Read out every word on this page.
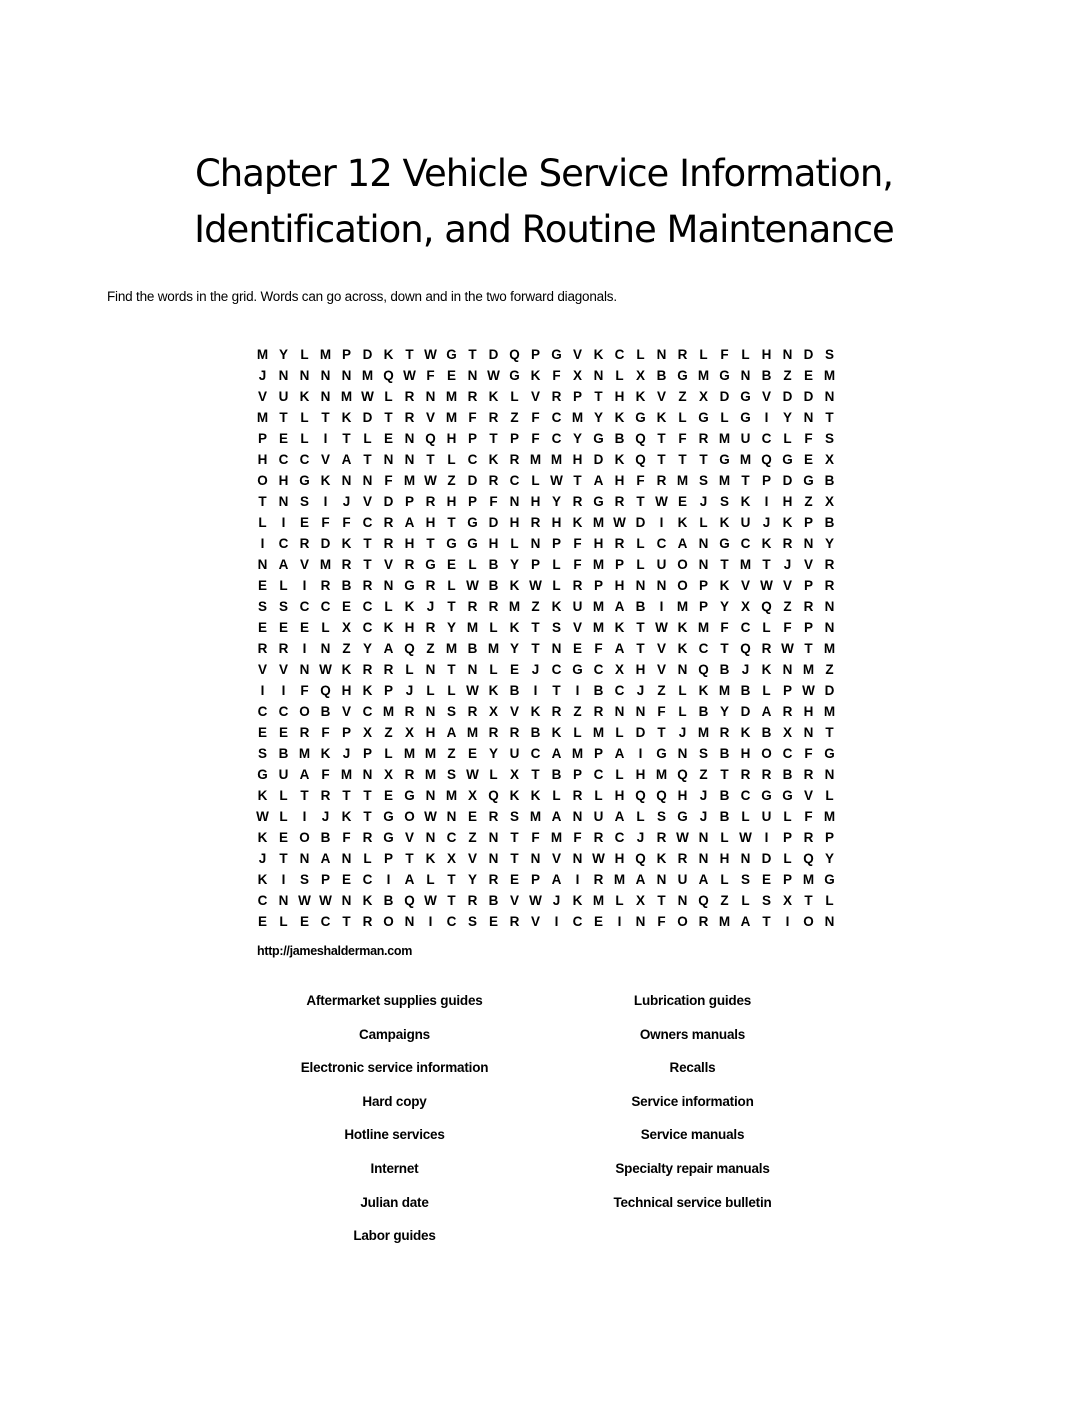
Chapter 12 Vehicle Service Information,
Identification, and Routine Maintenance
Find the words in the grid. Words can go across, down and in the two forward diagonals.
M Y L M P D K T W G T D Q P G V K C L N R L F L H N D S
J N N N N M Q W F E N W G K F X N L X B G M G N B Z E M
V U K N M W L R N M R K L V R P T H K V Z X D G V D D N
M T L T K D T R V M F R Z F C M Y K G K L G L G	I	Y N T
P E L	I	T L E N Q H P T P F C Y G B Q T F R M U C L F S
H C C V A T N N T L C K R M M H D K Q T T T G M Q G E X
O H G K N N F M W Z D R C L W T A H F R M S M T P D G B
T N S	I	J V D P R H P F N H Y R G R T W E J S K	I	H Z X
L	I	E F F C R A H T G D H R H K M W D	I	K L K U J K P B
I	C R D K T R H T G G H L N P F H R L C A N G C K R N Y
N A V M R T V R G E L B Y P L F M P L U O N T M T J V R
E L	I	R B R N G R L W B K W L R P H N N O P K V W V P R
S S C C E C L K J T R R M Z K U M A B	I	M P Y X Q Z R N
E E E L X C K H R Y M L K T S V M K T W K M F C L F P N
R R	I	N Z Y A Q Z M B M Y T N E F A T V K C T Q R W T M
V V N W K R R L N T N L E J C G C X H V N Q B J K N M Z
I	I	F Q H K P J L L W K B	I	T	I	B C J Z L K M B L P W D
C C O B V C M R N S R X V K R Z R N N F L B Y D A R H M
E E R F P X Z X H A M R R B K L M L D T J M R K B X N T
S B M K J P L M M Z E Y U C A M P A	I	G N S B H O C F G
G U A F M N X R M S W L X T B P C L H M Q Z T R R B R N
K L T R T T E G N M X Q K K L R L H Q Q H J B C G G V L
W L	I	J K T G O W N E R S M A N U A L S G J B L U L F M
K E O B F R G V N C Z N T F M F R C J R W N L W I	P R P
J T N A N L P T K X V N T N V N W H Q K R N H N D L Q Y
K	I	S P E C	I	A L T Y R E P A	I	R M A N U A L S E P M G
C N W W N K B Q W T R B V W J K M L X T N Q Z L S X T L
E L E C T R O N	I	C S E R V	I	C E	I	N F O R M A T	I	O N
http://jameshalderman.com
Aftermarket supplies guides
Campaigns
Electronic service information
Hard copy
Hotline services
Internet
Julian date
Labor guides
Lubrication guides
Owners manuals
Recalls
Service information
Service manuals
Specialty repair manuals
Technical service bulletin
